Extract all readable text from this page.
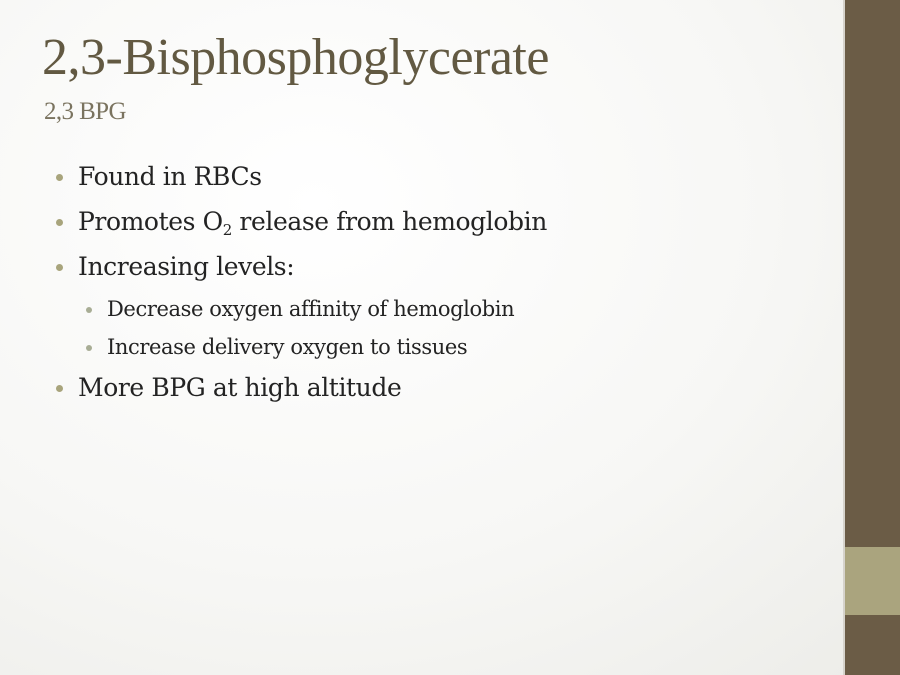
2,3-Bisphosphoglycerate
2,3 BPG
Found in RBCs
Promotes $O_2$ release from hemoglobin
Increasing levels:
Decrease oxygen affinity of hemoglobin
Increase delivery oxygen to tissues
More BPG at high altitude
